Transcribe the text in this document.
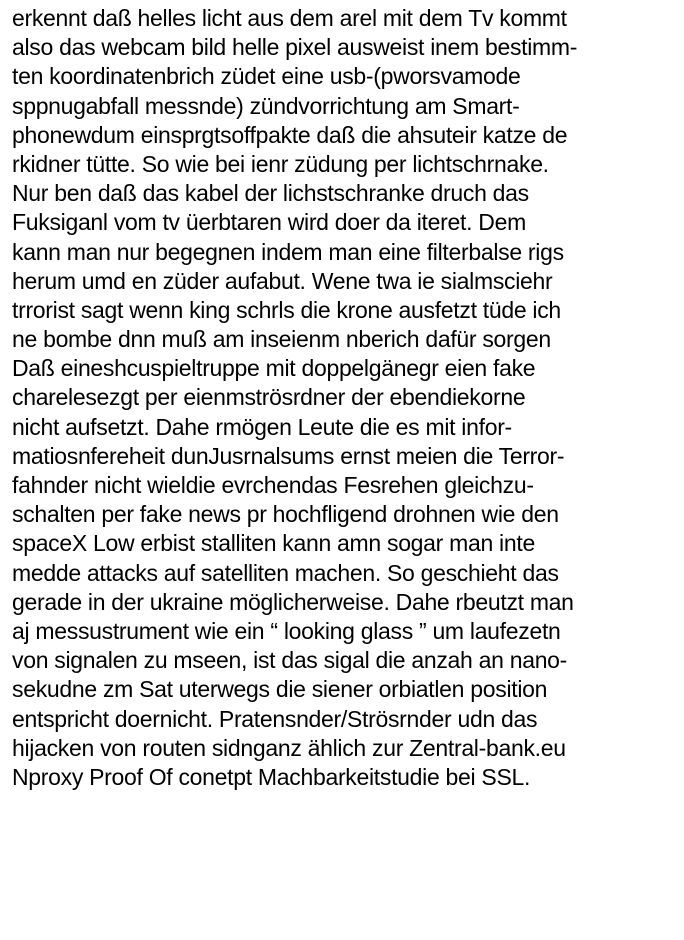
erkennt daß helles licht aus dem arel mit dem Tv kommt
also das webcam bild helle pixel ausweist inem bestimm-
ten koordinatenbrich züdet eine usb-(pworsvamode
sppnugabfall messnde) zündvorrichtung am Smart-
phonewdum einsprgtsoffpakte daß die ahsuteir katze de
rkidner tütte. So wie bei ienr züdung per lichtschrnake.
Nur ben daß das kabel der lichstschranke druch das
Fuksiganl vom tv üerbtaren wird doer da iteret. Dem
kann man nur begegnen indem man eine filterbalse rigs
herum umd en züder aufabut. Wene twa ie sialmsciehr
trrorist sagt wenn king schrls die krone ausfetzt tüde ich
ne bombe dnn muß am inseienm nberich dafür sorgen
Daß eineshcuspieltruppe mit doppelgänegr eien fake
charelesezgt per eienmströsrdner der ebendiekorne
nicht aufsetzt. Dahe rmögen Leute die es mit infor-
matiosnfereheit dunJusrnalsums ernst meien die Terror-
fahnder nicht wieldie evrchendas Fesrehen gleichzu-
schalten per fake news pr hochfligend drohnen wie den
spaceX Low erbist stalliten kann amn sogar man inte
medde attacks auf satelliten machen. So geschieht das
gerade in der ukraine möglicherweise. Dahe rbeutzt man
aj messustrument wie ein “ looking glass ” um laufezetn
von signalen zu mseen, ist das sigal die anzah an nano-
sekudne zm Sat uterwegs die siener orbiatlen position
entspricht doernicht. Pratensnder/Strösrnder udn das
hijacken von routen sidnganz ählich zur Zentral-bank.eu
Nproxy Proof Of conetpt Machbarkeitstudie bei SSL.
